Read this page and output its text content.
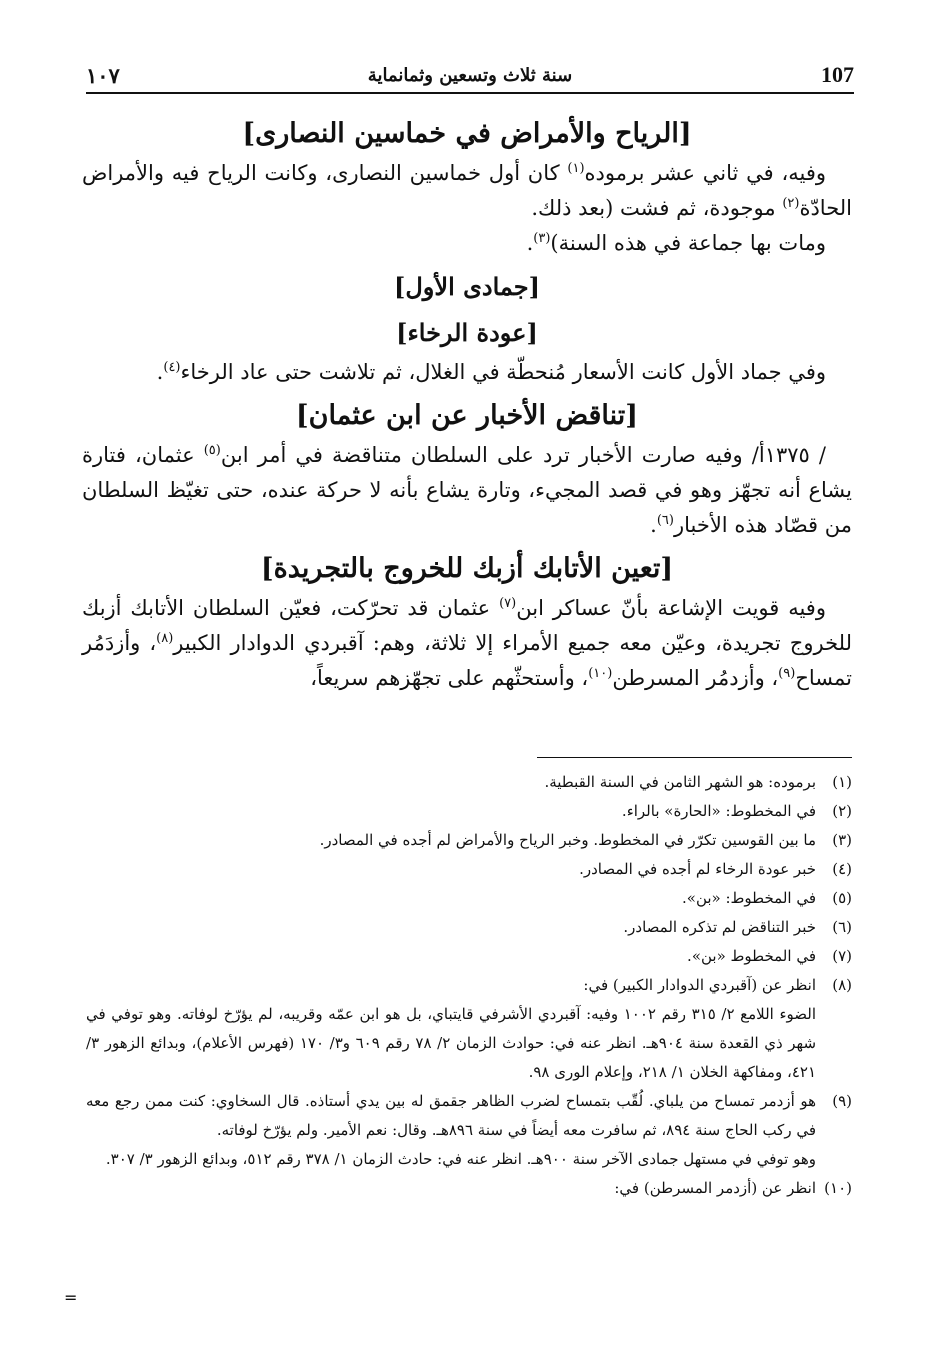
١٠٧	سنة ثلاث وتسعين وثمانماية	107
[الرياح والأمراض في خماسين النصارى]

وفيه، في ثاني عشر برموده$^{(١)}$ كان أول خماسين النصارى، وكانت الرياح فيه والأمراض الحادّة$^{(٢)}$ موجودة، ثم فشت (بعد ذلك.

ومات بها جماعة في هذه السنة)$^{(٣)}$.

[جمادى الأول]
[عودة الرخاء]

وفي جماد الأول كانت الأسعار مُنحطّة في الغلال، ثم تلاشت حتى عاد الرخاء$^{(٤)}$.

[تناقض الأخبار عن ابن عثمان]

/ ١٣٧٥أ/ وفيه صارت الأخبار ترد على السلطان متناقضة في أمر ابن$^{(٥)}$ عثمان، فتارة يشاع أنه تجهّز وهو في قصد المجيء، وتارة يشاع بأنه لا حركة عنده، حتى تغيّظ السلطان من قصّاد هذه الأخبار$^{(٦)}$.

[تعين الأتابك أزبك للخروج بالتجريدة]

وفيه قويت الإشاعة بأنّ عساكر ابن$^{(٧)}$ عثمان قد تحرّكت، فعيّن السلطان الأتابك أزبك للخروج تجريدة، وعيّن معه جميع الأمراء إلا ثلاثة، وهم: آقبردي الدوادار الكبير$^{(٨)}$، وأزدَمُر تمساح$^{(٩)}$، وأزدمُر المسرطن$^{(١٠)}$، وأستحثّهم على تجهّزهم سريعاً،

(١)
برموده: هو الشهر الثامن في السنة القبطية.
(٢)
في المخطوط: «الحارة» بالراء.
(٣)
ما بين القوسين تكرّر في المخطوط. وخبر الرياح والأمراض لم أجده في المصادر.
(٤)
خبر عودة الرخاء لم أجده في المصادر.
(٥)
في المخطوط: «بن».
(٦)
خبر التناقض لم تذكره المصادر.
(٧)
في المخطوط «بن».
(٨)
انظر عن (آقبردي الدوادار الكبير) في:
الضوء اللامع ٢/ ٣١٥ رقم ١٠٠٢ وفيه: آقبردي الأشرفي قايتباي، بل هو ابن عمّه وقريبه، لم يؤرّخ لوفاته. وهو توفي في شهر ذي القعدة سنة ٩٠٤هـ. انظر عنه في: حوادث الزمان ٢/ ٧٨ رقم ٦٠٩ و٣/ ١٧٠ (فهرس الأعلام)، وبدائع الزهور ٣/ ٤٢١، ومفاكهة الخلان ١/ ٢١٨، وإعلام الورى ٩٨.
(٩)
هو أزدمر تمساح من يلباي. لُقّب بتمساح لضرب الظاهر جقمق له بين يدي أستاذه. قال السخاوي: كنت ممن رجع معه في ركب الحاج سنة ٨٩٤، ثم سافرت معه أيضاً في سنة ٨٩٦هـ. وقال: نعم الأمير. ولم يؤرّخ لوفاته.
وهو توفي في مستهل جمادى الآخر سنة ٩٠٠هـ. انظر عنه في: حادث الزمان ١/ ٣٧٨ رقم ٥١٢، وبدائع الزهور ٣/ ٣٠٧.
(١٠)
انظر عن (أزدمر المسرطن) في:
=
